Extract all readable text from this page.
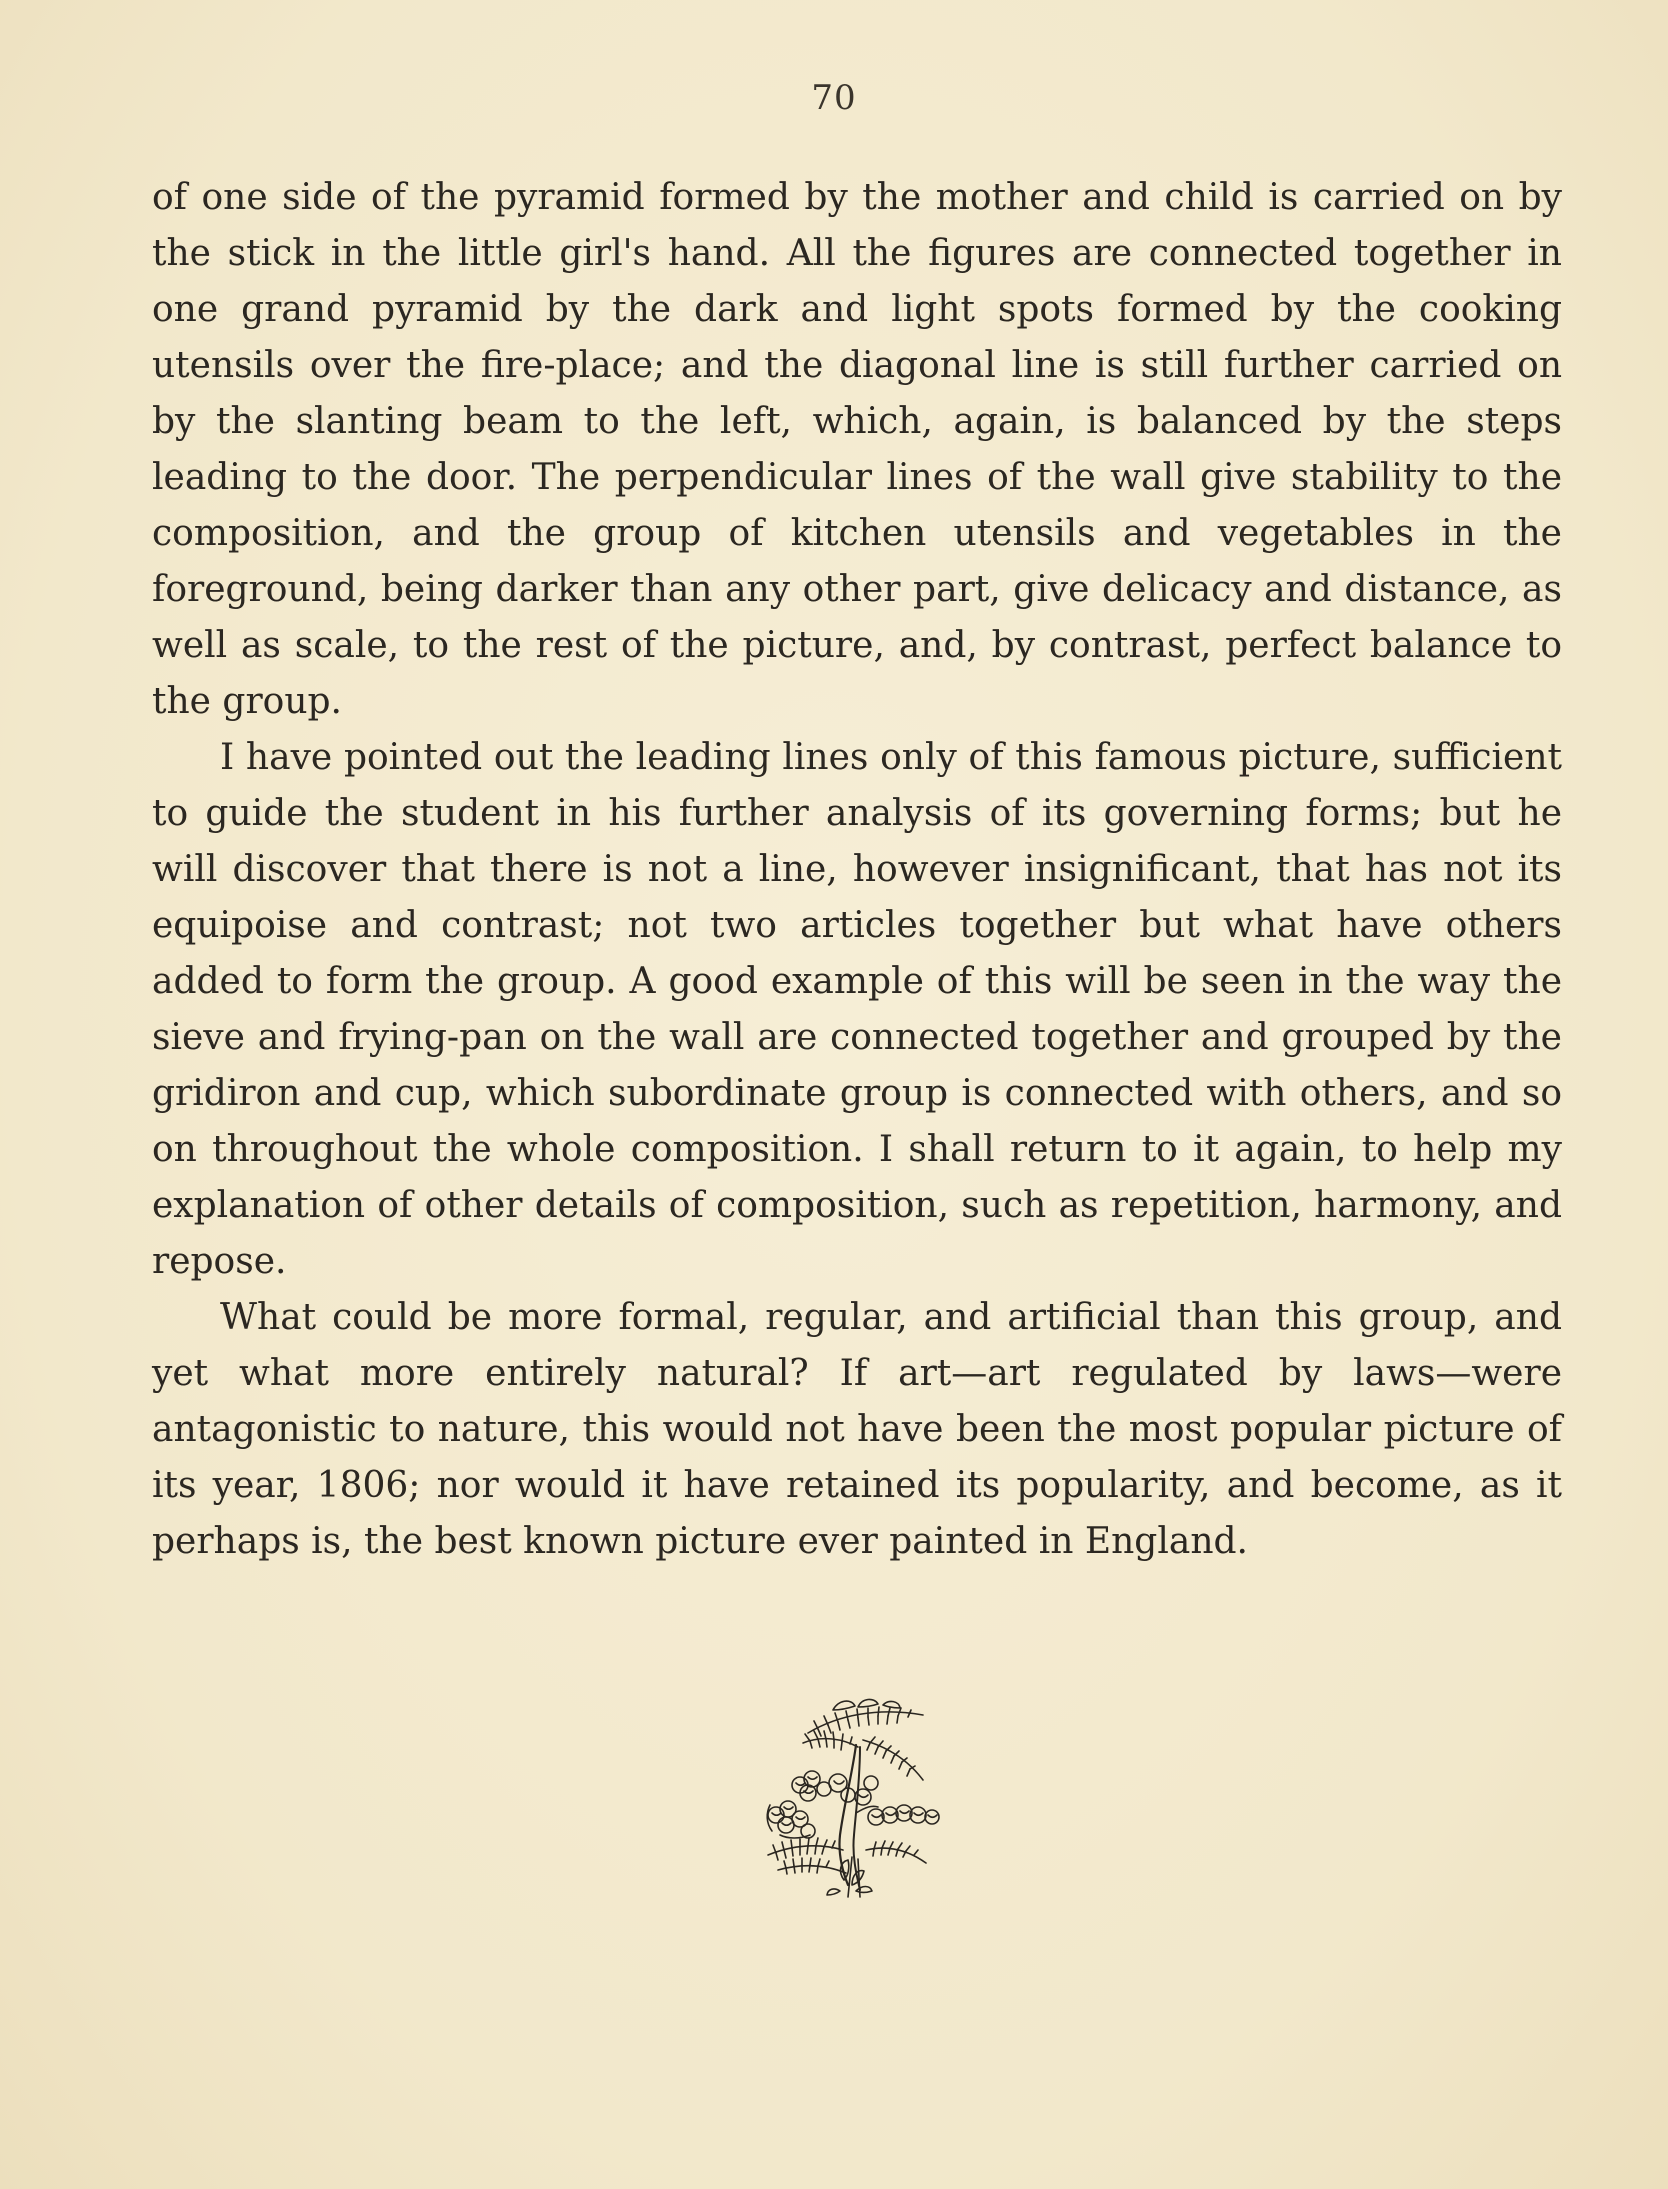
70

of one side of the pyramid formed by the mother and child is carried on by the stick in the little girl's hand. All the figures are connected together in one grand pyramid by the dark and light spots formed by the cooking utensils over the fire-place; and the diagonal line is still further carried on by the slanting beam to the left, which, again, is balanced by the steps leading to the door. The perpendicular lines of the wall give stability to the composition, and the group of kitchen utensils and vegetables in the foreground, being darker than any other part, give delicacy and distance, as well as scale, to the rest of the picture, and, by contrast, perfect balance to the group.

I have pointed out the leading lines only of this famous picture, sufficient to guide the student in his further analysis of its governing forms; but he will discover that there is not a line, however insignificant, that has not its equipoise and contrast; not two articles together but what have others added to form the group. A good example of this will be seen in the way the sieve and frying-pan on the wall are connected together and grouped by the gridiron and cup, which subordinate group is connected with others, and so on throughout the whole composition. I shall return to it again, to help my explanation of other details of composition, such as repetition, harmony, and repose.

What could be more formal, regular, and artificial than this group, and yet what more entirely natural? If art—art regulated by laws—were antagonistic to nature, this would not have been the most popular picture of its year, 1806; nor would it have retained its popularity, and become, as it perhaps is, the best known picture ever painted in England.
